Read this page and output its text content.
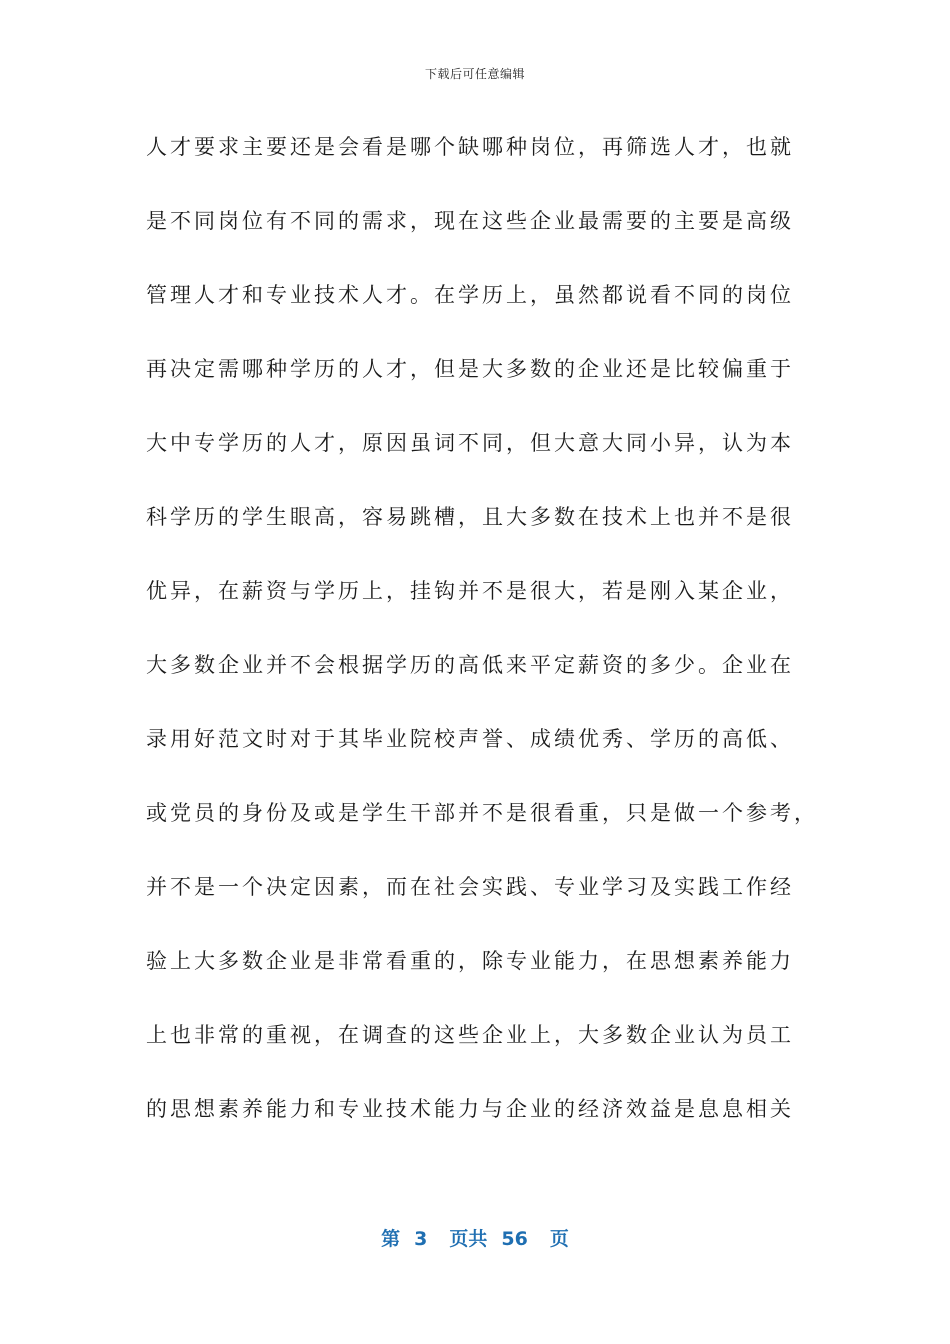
下载后可任意编辑
人才要求主要还是会看是哪个缺哪种岗位，再筛选人才，也就
是不同岗位有不同的需求，现在这些企业最需要的主要是高级
管理人才和专业技术人才。在学历上，虽然都说看不同的岗位
再决定需哪种学历的人才，但是大多数的企业还是比较偏重于
大中专学历的人才，原因虽词不同，但大意大同小异，认为本
科学历的学生眼高，容易跳槽，且大多数在技术上也并不是很
优异，在薪资与学历上，挂钩并不是很大，若是刚入某企业，
大多数企业并不会根据学历的高低来平定薪资的多少。企业在
录用好范文时对于其毕业院校声誉、成绩优秀、学历的高低、
或党员的身份及或是学生干部并不是很看重，只是做一个参考，
并不是一个决定因素，而在社会实践、专业学习及实践工作经
验上大多数企业是非常看重的，除专业能力，在思想素养能力
上也非常的重视，在调查的这些企业上，大多数企业认为员工
的思想素养能力和专业技术能力与企业的经济效益是息息相关
第 3 页共 56 页
